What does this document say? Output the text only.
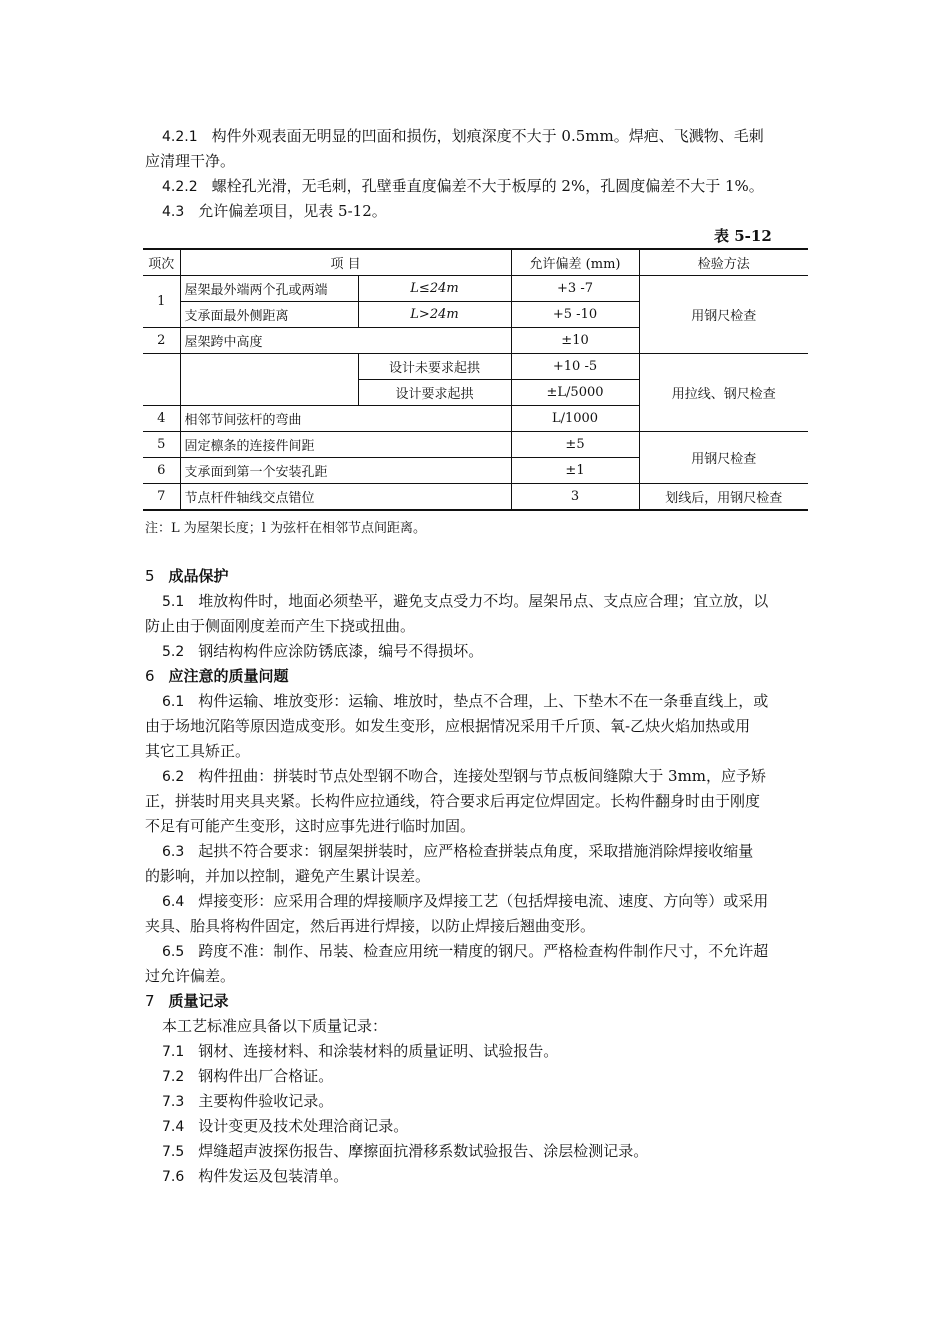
4.2.1 构件外观表面无明显的凹面和损伤，划痕深度不大于 0.5mm。焊疤、飞溅物、毛刺
应清理干净。
4.2.2 螺栓孔光滑，无毛刺，孔壁垂直度偏差不大于板厚的 2%，孔圆度偏差不大于 1%。
4.3 允许偏差项目，见表 5-12。
表 5-12
项次	项 目		允许偏差 (mm)	检验方法
1	屋架最外端两个孔或两端	L≤24m	+3 -7	用钢尺检查
	支承面最外侧距离	L>24m	+5 -10	
2	屋架跨中高度		±10	
		设计未要求起拱	+10 -5	用拉线、钢尺检查
		设计要求起拱	±L/5000	
4	相邻节间弦杆的弯曲		L/1000	
5	固定檩条的连接件间距		±5	用钢尺检查
6	支承面到第一个安装孔距		±1	
7	节点杆件轴线交点错位		3	划线后，用钢尺检查
注：L 为屋架长度；l 为弦杆在相邻节点间距离。
5 成品保护
5.1 堆放构件时，地面必须垫平，避免支点受力不均。屋架吊点、支点应合理；宜立放，以
防止由于侧面刚度差而产生下挠或扭曲。
5.2 钢结构构件应涂防锈底漆，编号不得损坏。
6 应注意的质量问题
6.1 构件运输、堆放变形：运输、堆放时，垫点不合理，上、下垫木不在一条垂直线上，或
由于场地沉陷等原因造成变形。如发生变形，应根据情况采用千斤顶、氧-乙炔火焰加热或用
其它工具矫正。
6.2 构件扭曲：拼装时节点处型钢不吻合，连接处型钢与节点板间缝隙大于 3mm，应予矫
正，拼装时用夹具夹紧。长构件应拉通线，符合要求后再定位焊固定。长构件翻身时由于刚度
不足有可能产生变形，这时应事先进行临时加固。
6.3 起拱不符合要求：钢屋架拼装时，应严格检查拼装点角度，采取措施消除焊接收缩量
的影响，并加以控制，避免产生累计误差。
6.4 焊接变形：应采用合理的焊接顺序及焊接工艺（包括焊接电流、速度、方向等）或采用
夹具、胎具将构件固定，然后再进行焊接，以防止焊接后翘曲变形。
6.5 跨度不准：制作、吊装、检查应用统一精度的钢尺。严格检查构件制作尺寸，不允许超
过允许偏差。
7 质量记录
本工艺标准应具备以下质量记录：
7.1 钢材、连接材料、和涂装材料的质量证明、试验报告。
7.2 钢构件出厂合格证。
7.3 主要构件验收记录。
7.4 设计变更及技术处理洽商记录。
7.5 焊缝超声波探伤报告、摩擦面抗滑移系数试验报告、涂层检测记录。
7.6 构件发运及包装清单。
